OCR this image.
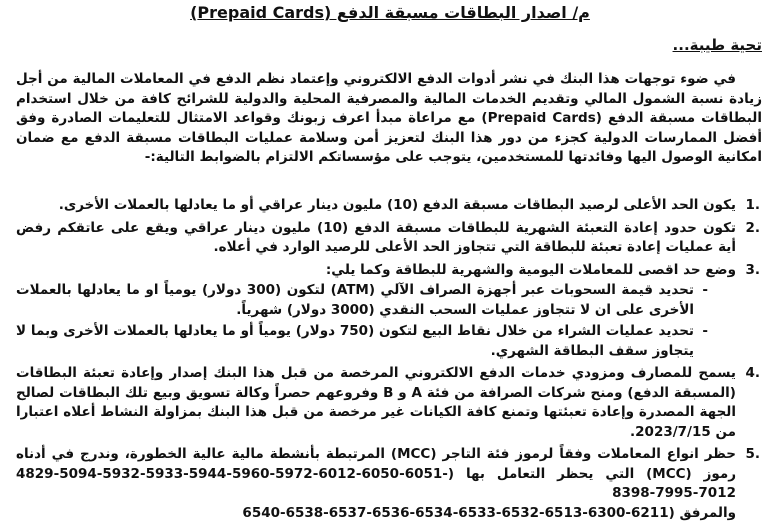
م/ اصدار البطاقات مسبقة الدفع (Prepaid Cards)
تحية طيبة...

في ضوء توجهات هذا البنك في نشر أدوات الدفع الالكتروني وإعتماد نظم الدفع في المعاملات المالية من أجل زيادة نسبة الشمول المالي وتقديم الخدمات المالية والمصرفية المحلية والدولية للشرائح كافة من خلال استخدام البطاقات مسبقة الدفع (Prepaid Cards) مع مراعاة مبدأ اعرف زبونك وقواعد الامتثال للتعليمات الصادرة وفق أفضل الممارسات الدولية كجزء من دور هذا البنك لتعزيز أمن وسلامة عمليات البطاقات مسبقة الدفع مع ضمان امكانية الوصول اليها وفائدتها للمستخدمين، يتوجب على مؤسساتكم الالتزام بالضوابط التالية:-

1.
يكون الحد الأعلى لرصيد البطاقات مسبقة الدفع (10) مليون دينار عراقي أو ما يعادلها بالعملات الأخرى.
2.
تكون حدود إعادة التعبئة الشهرية للبطاقات مسبقة الدفع (10) مليون دينار عراقي ويقع على عاتقكم رفض أية عمليات إعادة تعبئة للبطاقة التي تتجاوز الحد الأعلى للرصيد الوارد في أعلاه.
3.
وضع حد اقصى للمعاملات اليومية والشهرية للبطاقة وكما يلي:
-
تحديد قيمة السحوبات عبر أجهزة الصراف الآلي (ATM) لتكون (300 دولار) يومياً او ما يعادلها بالعملات الأخرى على ان لا تتجاوز عمليات السحب النقدي (3000 دولار) شهرياً.
-
تحديد عمليات الشراء من خلال نقاط البيع لتكون (750 دولار) يومياً أو ما يعادلها بالعملات الأخرى وبما لا يتجاوز سقف البطاقة الشهري.
4.
يسمح للمصارف ومزودي خدمات الدفع الالكتروني المرخصة من قبل هذا البنك إصدار وإعادة تعبئة البطاقات (المسبقة الدفع) ومنح شركات الصرافة من فئة A و B وفروعهم حصراً وكالة تسويق وبيع تلك البطاقات لصالح الجهة المصدرة وإعادة تعبئتها وتمنع كافة الكيانات غير مرخصة من قبل هذا البنك بمزاولة النشاط أعلاه اعتبارا من 2023/7/15.
5.
حظر انواع المعاملات وفقاً لرموز فئة التاجر (MCC) المرتبطة بأنشطة مالية عالية الخطورة، وندرج في أدناه رموز (MCC) التي يحظر التعامل بها (-6051-6050-6012-5972-5960-5944-5933-5932-5094-4829 8398-7995-7012
6540-6538-6537-6536-6534-6533-6532-6513-6300-6211) والمرفق
